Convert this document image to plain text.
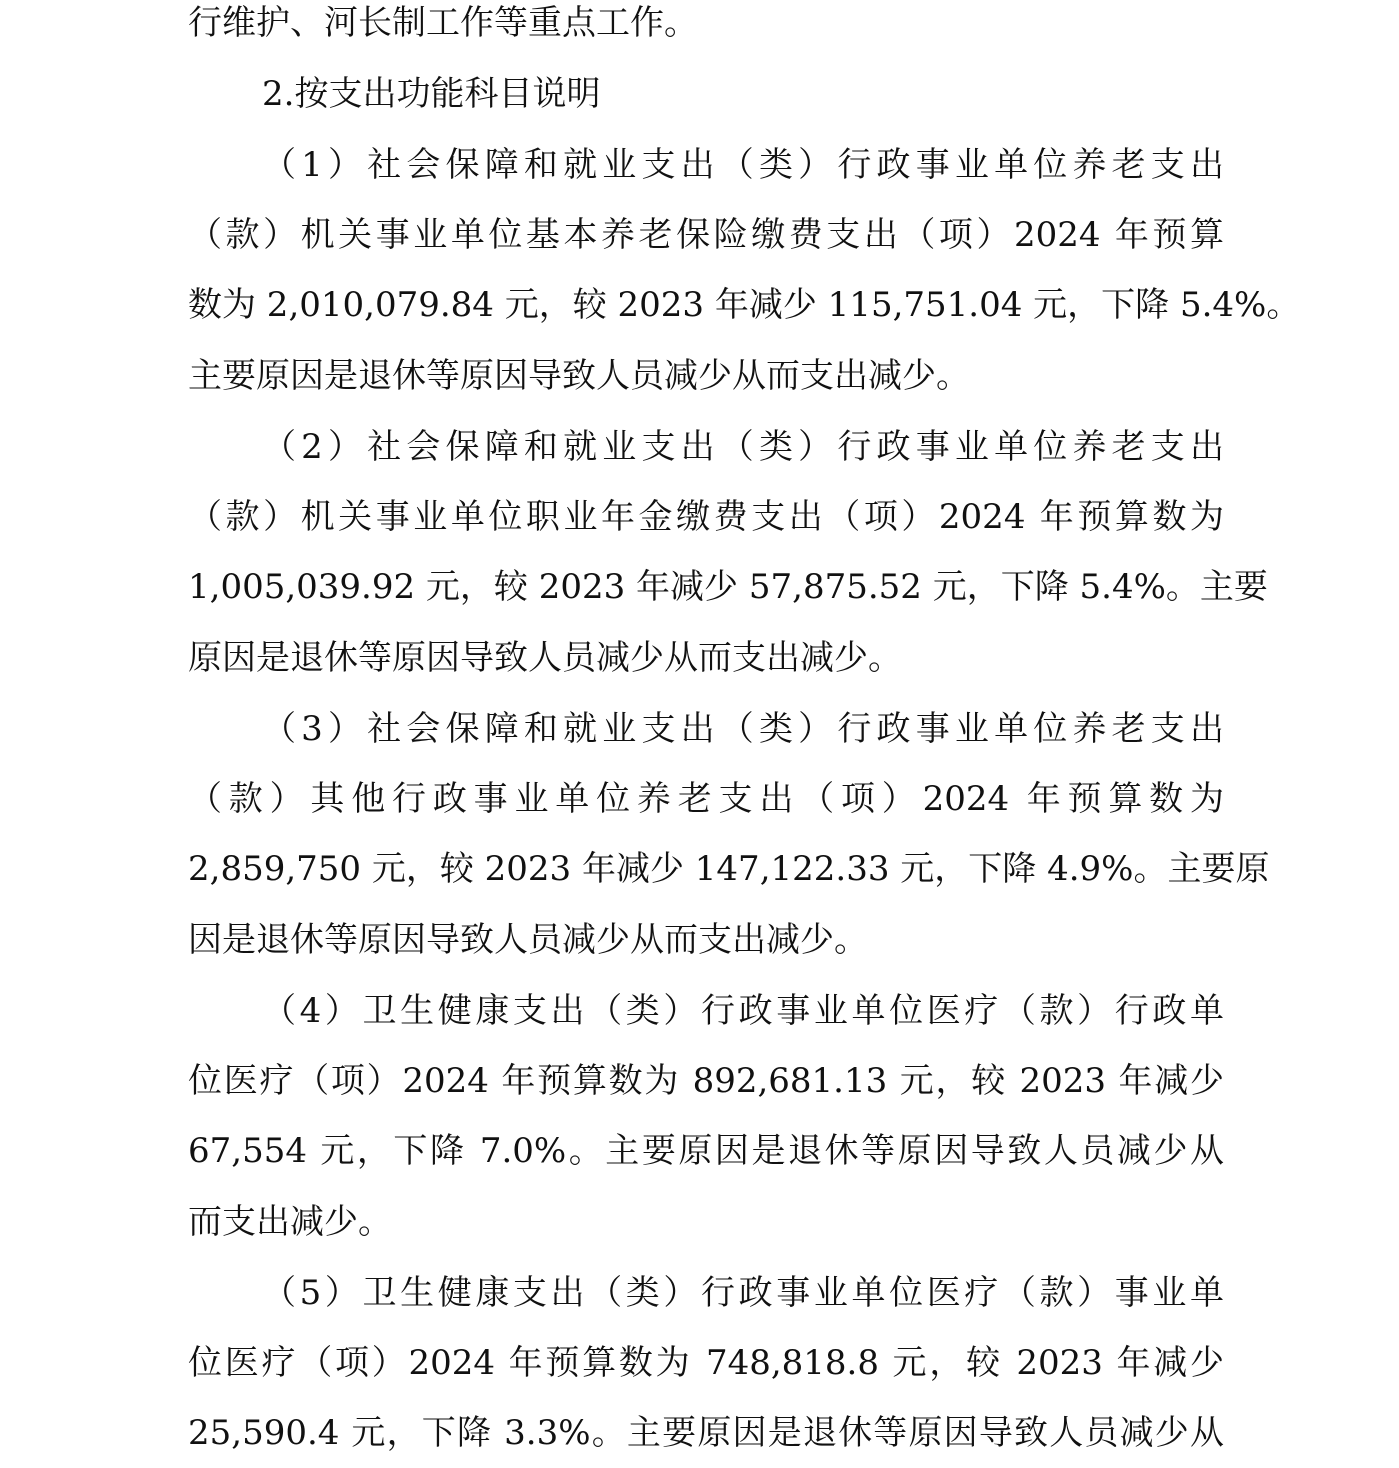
行维护、河长制工作等重点工作。
2.按支出功能科目说明
（1）社会保障和就业支出（类）行政事业单位养老支出
（款）机关事业单位基本养老保险缴费支出（项）2024 年预算
数为 2,010,079.84 元，较 2023 年减少 115,751.04 元，下降 5.4%。
主要原因是退休等原因导致人员减少从而支出减少。
（2）社会保障和就业支出（类）行政事业单位养老支出
（款）机关事业单位职业年金缴费支出（项）2024 年预算数为
1,005,039.92 元，较 2023 年减少 57,875.52 元，下降 5.4%。主要
原因是退休等原因导致人员减少从而支出减少。
（3）社会保障和就业支出（类）行政事业单位养老支出
（款）其他行政事业单位养老支出（项）2024 年预算数为
2,859,750 元，较 2023 年减少 147,122.33 元，下降 4.9%。主要原
因是退休等原因导致人员减少从而支出减少。
（4）卫生健康支出（类）行政事业单位医疗（款）行政单
位医疗（项）2024 年预算数为 892,681.13 元，较 2023 年减少
67,554 元，下降 7.0%。主要原因是退休等原因导致人员减少从
而支出减少。
（5）卫生健康支出（类）行政事业单位医疗（款）事业单
位医疗（项）2024 年预算数为 748,818.8 元，较 2023 年减少
25,590.4 元，下降 3.3%。主要原因是退休等原因导致人员减少从
